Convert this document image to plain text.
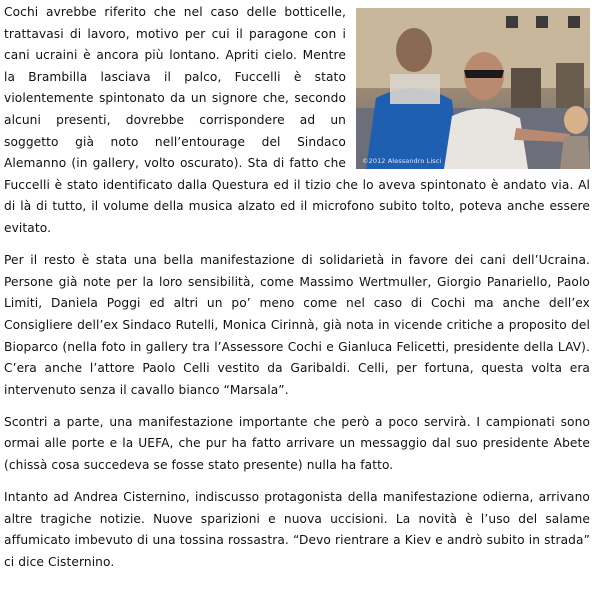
©2012 Alessandro Lisci

Cochi avrebbe riferito che nel caso delle botticelle, trattavasi di lavoro, motivo per cui il paragone con i cani ucraini è ancora più lontano. Apriti cielo. Mentre la Brambilla lasciava il palco, Fuccelli è stato violentemente spintonato da un signore che, secondo alcuni presenti, dovrebbe corrispondere ad un soggetto già noto nell’entourage del Sindaco Alemanno (in gallery, volto oscurato). Sta di fatto che Fuccelli è stato identificato dalla Questura ed il tizio che lo aveva spintonato è andato via. Al di là di tutto, il volume della musica alzato ed il microfono subito tolto, poteva anche essere evitato.

Per il resto è stata una bella manifestazione di solidarietà in favore dei cani dell’Ucraina. Persone già note per la loro sensibilità, come Massimo Wertmuller, Giorgio Panariello, Paolo Limiti, Daniela Poggi ed altri un po’ meno come nel caso di Cochi ma anche dell’ex Consigliere dell’ex Sindaco Rutelli, Monica Cirinnà, già nota in vicende critiche a proposito del Bioparco (nella foto in gallery tra l’Assessore Cochi e Gianluca Felicetti, presidente della LAV). C’era anche l’attore Paolo Celli vestito da Garibaldi. Celli, per fortuna, questa volta era intervenuto senza il cavallo bianco “Marsala”.

Scontri a parte, una manifestazione importante che però a poco servirà. I campionati sono ormai alle porte e la UEFA, che pur ha fatto arrivare un messaggio dal suo presidente Abete (chissà cosa succedeva se fosse stato presente) nulla ha fatto.

Intanto ad Andrea Cisternino, indiscusso protagonista della manifestazione odierna, arrivano altre tragiche notizie. Nuove sparizioni e nuova uccisioni. La novità è l’uso del salame affumicato imbevuto di una tossina rossastra. “Devo rientrare a Kiev e andrò subito in strada” ci dice Cisternino.
